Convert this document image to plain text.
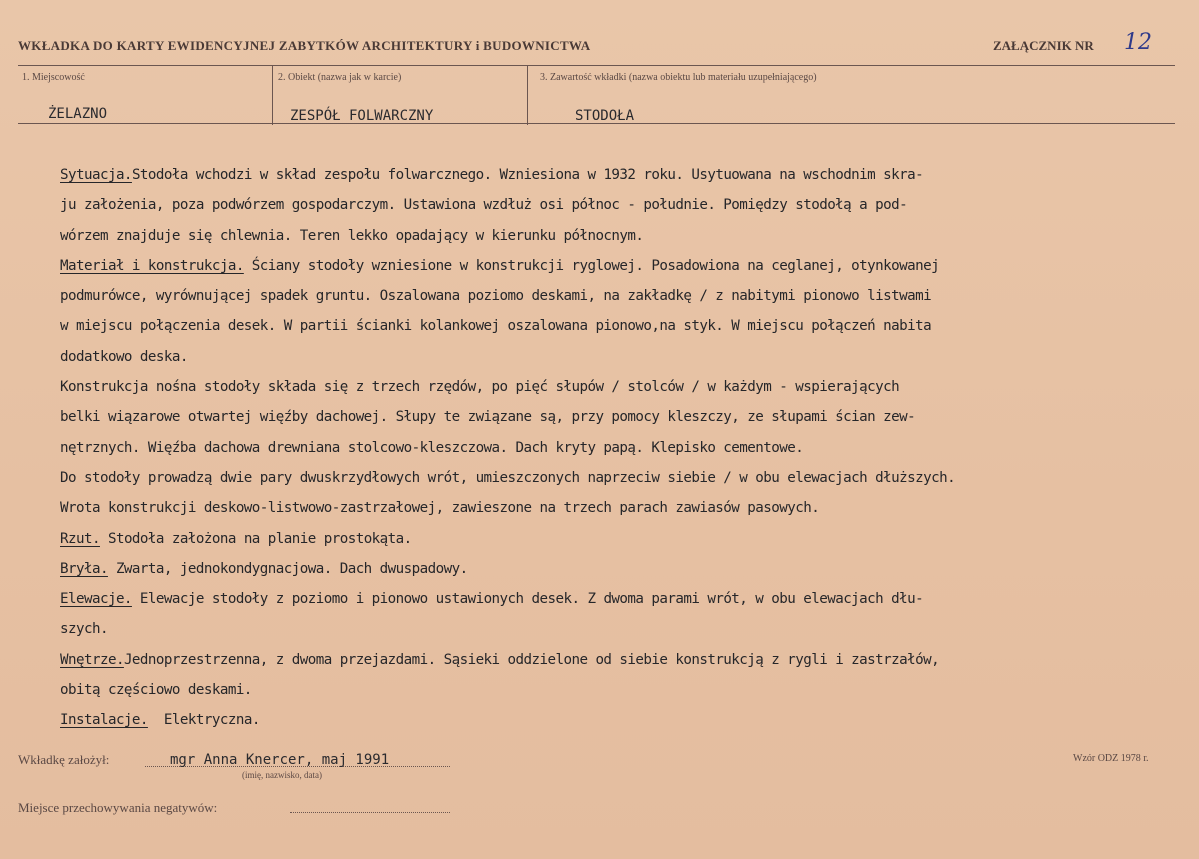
WKŁADKA DO KARTY EWIDENCYJNEJ ZABYTKÓW ARCHITEKTURY i BUDOWNICTWA	ZAŁĄCZNIK NR 12
1. Miejscowość	2. Obiekt (nazwa jak w karcie)	3. Zawartość wkładki (nazwa obiektu lub materiału uzupełniającego)
ŻELAZNO	ZESPÓŁ FOLWARCZNY	STODOŁA
Sytuacja.Stodoła wchodzi w skład zespołu folwarcznego. Wzniesiona w 1932 roku. Usytuowana na wschodnim skra-
ju założenia, poza podwórzem gospodarczym. Ustawiona wzdłuż osi północ - południe. Pomiędzy stodołą a pod-
wórzem znajduje się chlewnia. Teren lekko opadający w kierunku północnym.
Materiał i konstrukcja. Ściany stodoły wzniesione w konstrukcji ryglowej. Posadowiona na ceglanej, otynkowanej
podmurówce, wyrównującej spadek gruntu. Oszalowana poziomo deskami, na zakładkę / z nabitymi pionowo listwami
w miejscu połączenia desek. W partii ścianki kolankowej oszalowana pionowo,na styk. W miejscu połączeń nabita
dodatkowo deska.
Konstrukcja nośna stodoły składa się z trzech rzędów, po pięć słupów / stolców / w każdym - wspierających
belki wiązarowe otwartej więźby dachowej. Słupy te związane są, przy pomocy kleszczy, ze słupami ścian zew-
nętrznych. Więźba dachowa drewniana stolcowo-kleszczowa. Dach kryty papą. Klepisko cementowe.
Do stodoły prowadzą dwie pary dwuskrzydłowych wrót, umieszczonych naprzeciw siebie / w obu elewacjach dłuższych.
Wrota konstrukcji deskowo-listwowo-zastrzałowej, zawieszone na trzech parach zawiasów pasowych.
Rzut. Stodoła założona na planie prostokąta.
Bryła. Zwarta, jednokondygnacjowa. Dach dwuspadowy.
Elewacje. Elewacje stodoły z poziomo i pionowo ustawionych desek. Z dwoma parami wrót, w obu elewacjach dłu-
szych.
Wnętrze.Jednoprzestrzenna, z dwoma przejazdami. Sąsieki oddzielone od siebie konstrukcją z rygli i zastrzałów,
obitą częściowo deskami.
Instalacje.  Elektryczna.
Wkładkę założył:	mgr Anna Knercer, maj 1991
(imię, nazwisko, data)
Wzór ODZ 1978 r.
Miejsce przechowywania negatywów:
